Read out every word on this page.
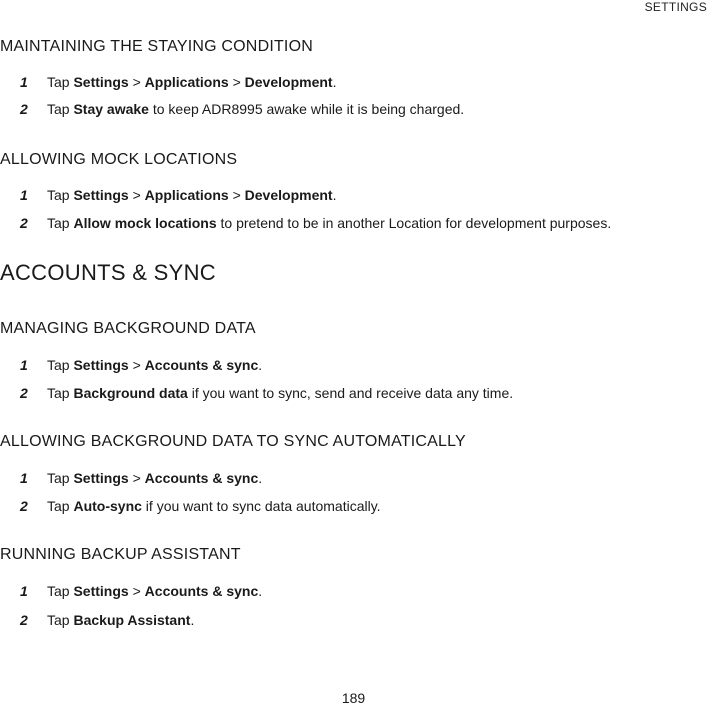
SETTINGS
MAINTAINING THE STAYING CONDITION
1 Tap Settings > Applications > Development.
2 Tap Stay awake to keep ADR8995 awake while it is being charged.
ALLOWING MOCK LOCATIONS
1 Tap Settings > Applications > Development.
2 Tap Allow mock locations to pretend to be in another Location for development purposes.
ACCOUNTS & SYNC
MANAGING BACKGROUND DATA
1 Tap Settings > Accounts & sync.
2 Tap Background data if you want to sync, send and receive data any time.
ALLOWING BACKGROUND DATA TO SYNC AUTOMATICALLY
1 Tap Settings > Accounts & sync.
2 Tap Auto-sync if you want to sync data automatically.
RUNNING BACKUP ASSISTANT
1 Tap Settings > Accounts & sync.
2 Tap Backup Assistant.
189
